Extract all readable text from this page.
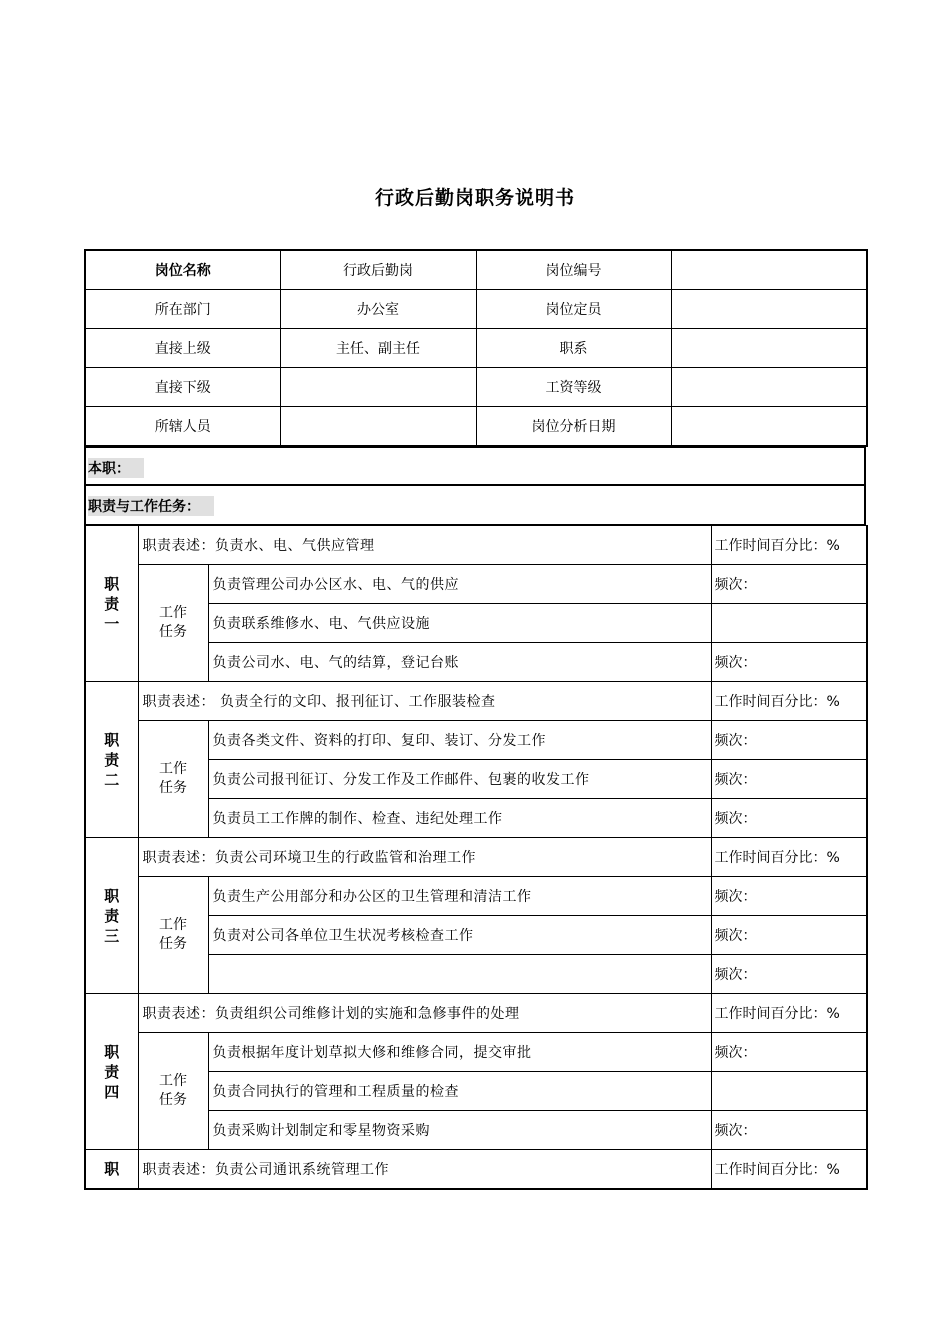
行政后勤岗职务说明书
岗位名称	行政后勤岗	岗位编号	
所在部门	办公室	岗位定员	
直接上级	主任、副主任	职系	
直接下级		工资等级	
所辖人员		岗位分析日期	
本职：
职责与工作任务：
职责一	职责表述：负责水、电、气供应管理		工作时间百分比：%

	工作任务	负责管理公司办公区水、电、气的供应	频次：
		负责联系维修水、电、气供应设施	
		负责公司水、电、气的结算，登记台账	频次：

职责二	职责表述： 负责全行的文印、报刊征订、工作服装检查		工作时间百分比：%

	工作任务	负责各类文件、资料的打印、复印、装订、分发工作	频次：
		负责公司报刊征订、分发工作及工作邮件、包裹的收发工作	频次：
		负责员工工作牌的制作、检查、违纪处理工作	频次：

职责三	职责表述：负责公司环境卫生的行政监管和治理工作		工作时间百分比：%

	工作任务	负责生产公用部分和办公区的卫生管理和清洁工作	频次：
		负责对公司各单位卫生状况考核检查工作	频次：
			频次：

职责四	职责表述：负责组织公司维修计划的实施和急修事件的处理		工作时间百分比：%

	工作任务	负责根据年度计划草拟大修和维修合同，提交审批	频次：
		负责合同执行的管理和工程质量的检查	
		负责采购计划制定和零星物资采购	频次：
职	职责表述：负责公司通讯系统管理工作		工作时间百分比：%
